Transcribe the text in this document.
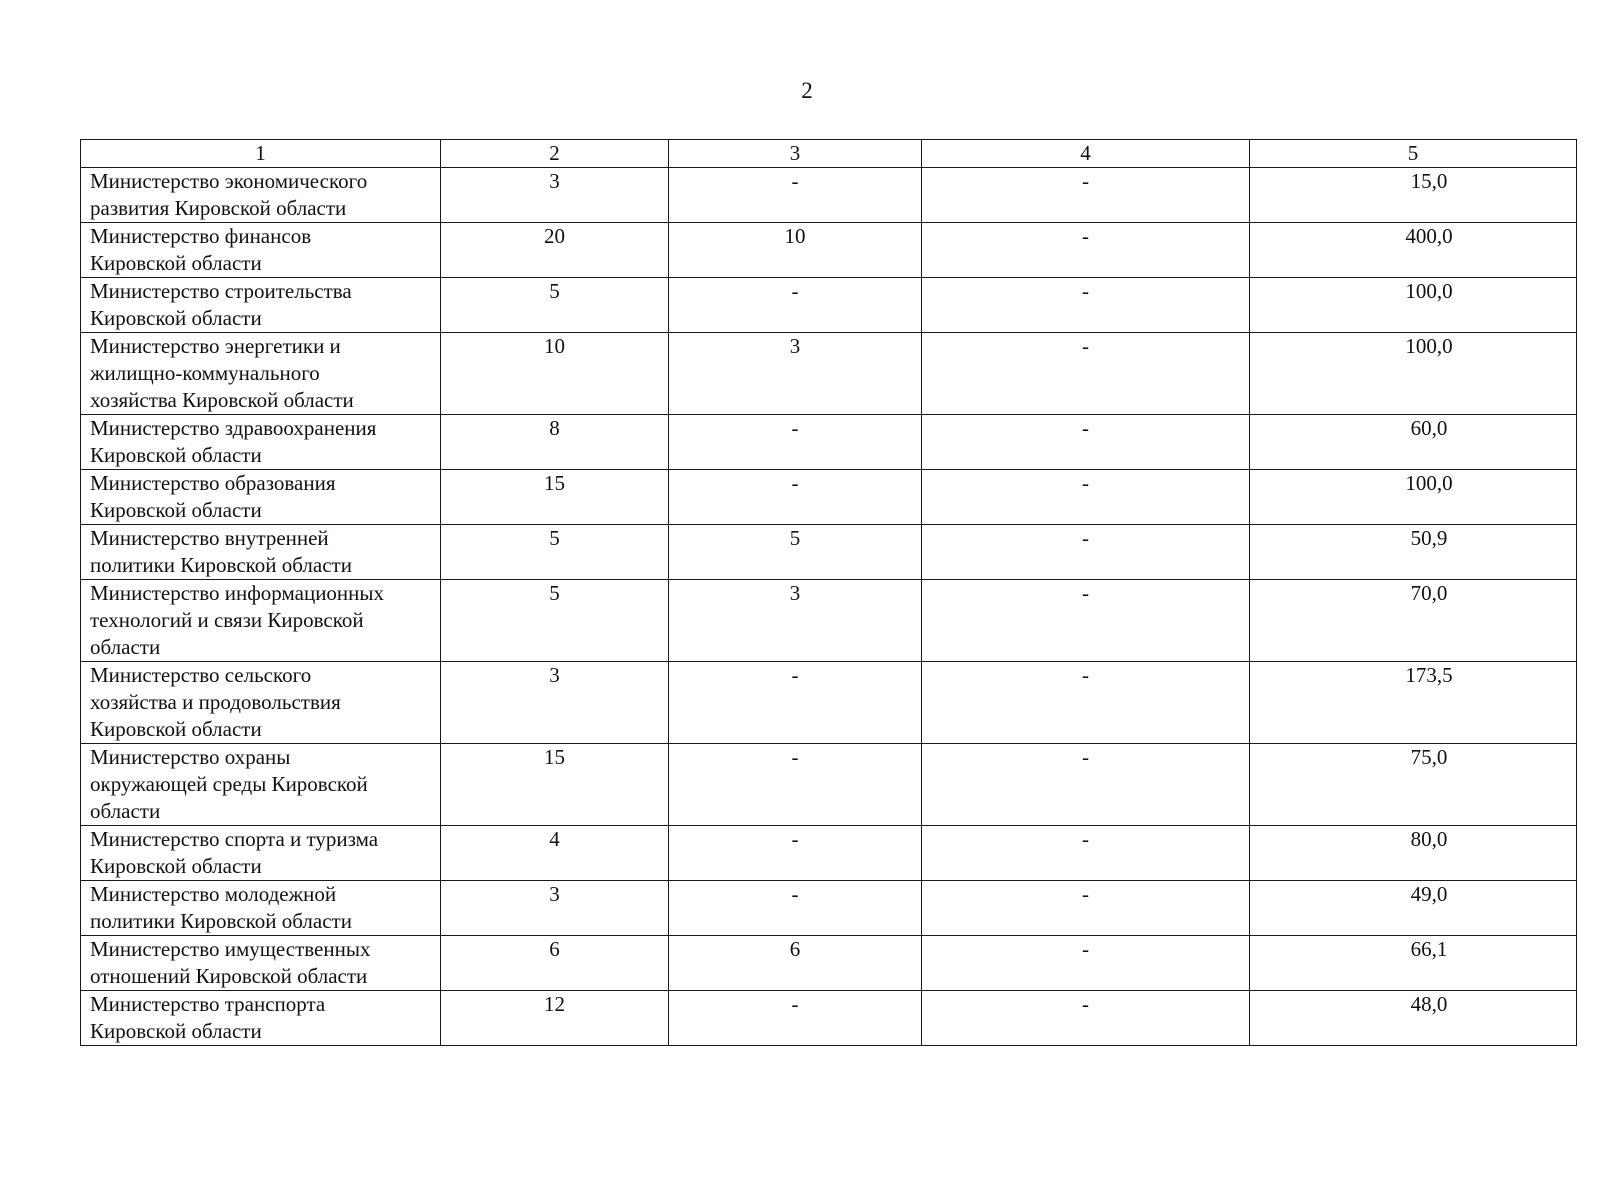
2
1	2	3	4	5
Министерство экономического
развития Кировской области	3	-	-	15,0
Министерство финансов
Кировской области	20	10	-	400,0
Министерство строительства
Кировской области	5	-	-	100,0
Министерство энергетики и
жилищно-коммунального
хозяйства Кировской области	10	3	-	100,0
Министерство здравоохранения
Кировской области	8	-	-	60,0
Министерство образования
Кировской области	15	-	-	100,0
Министерство внутренней
политики Кировской области	5	5	-	50,9
Министерство информационных
технологий и связи Кировской
области	5	3	-	70,0
Министерство сельского
хозяйства и продовольствия
Кировской области	3	-	-	173,5
Министерство охраны
окружающей среды Кировской
области	15	-	-	75,0
Министерство спорта и туризма
Кировской области	4	-	-	80,0
Министерство молодежной
политики Кировской области	3	-	-	49,0
Министерство имущественных
отношений Кировской области	6	6	-	66,1
Министерство транспорта
Кировской области	12	-	-	48,0
